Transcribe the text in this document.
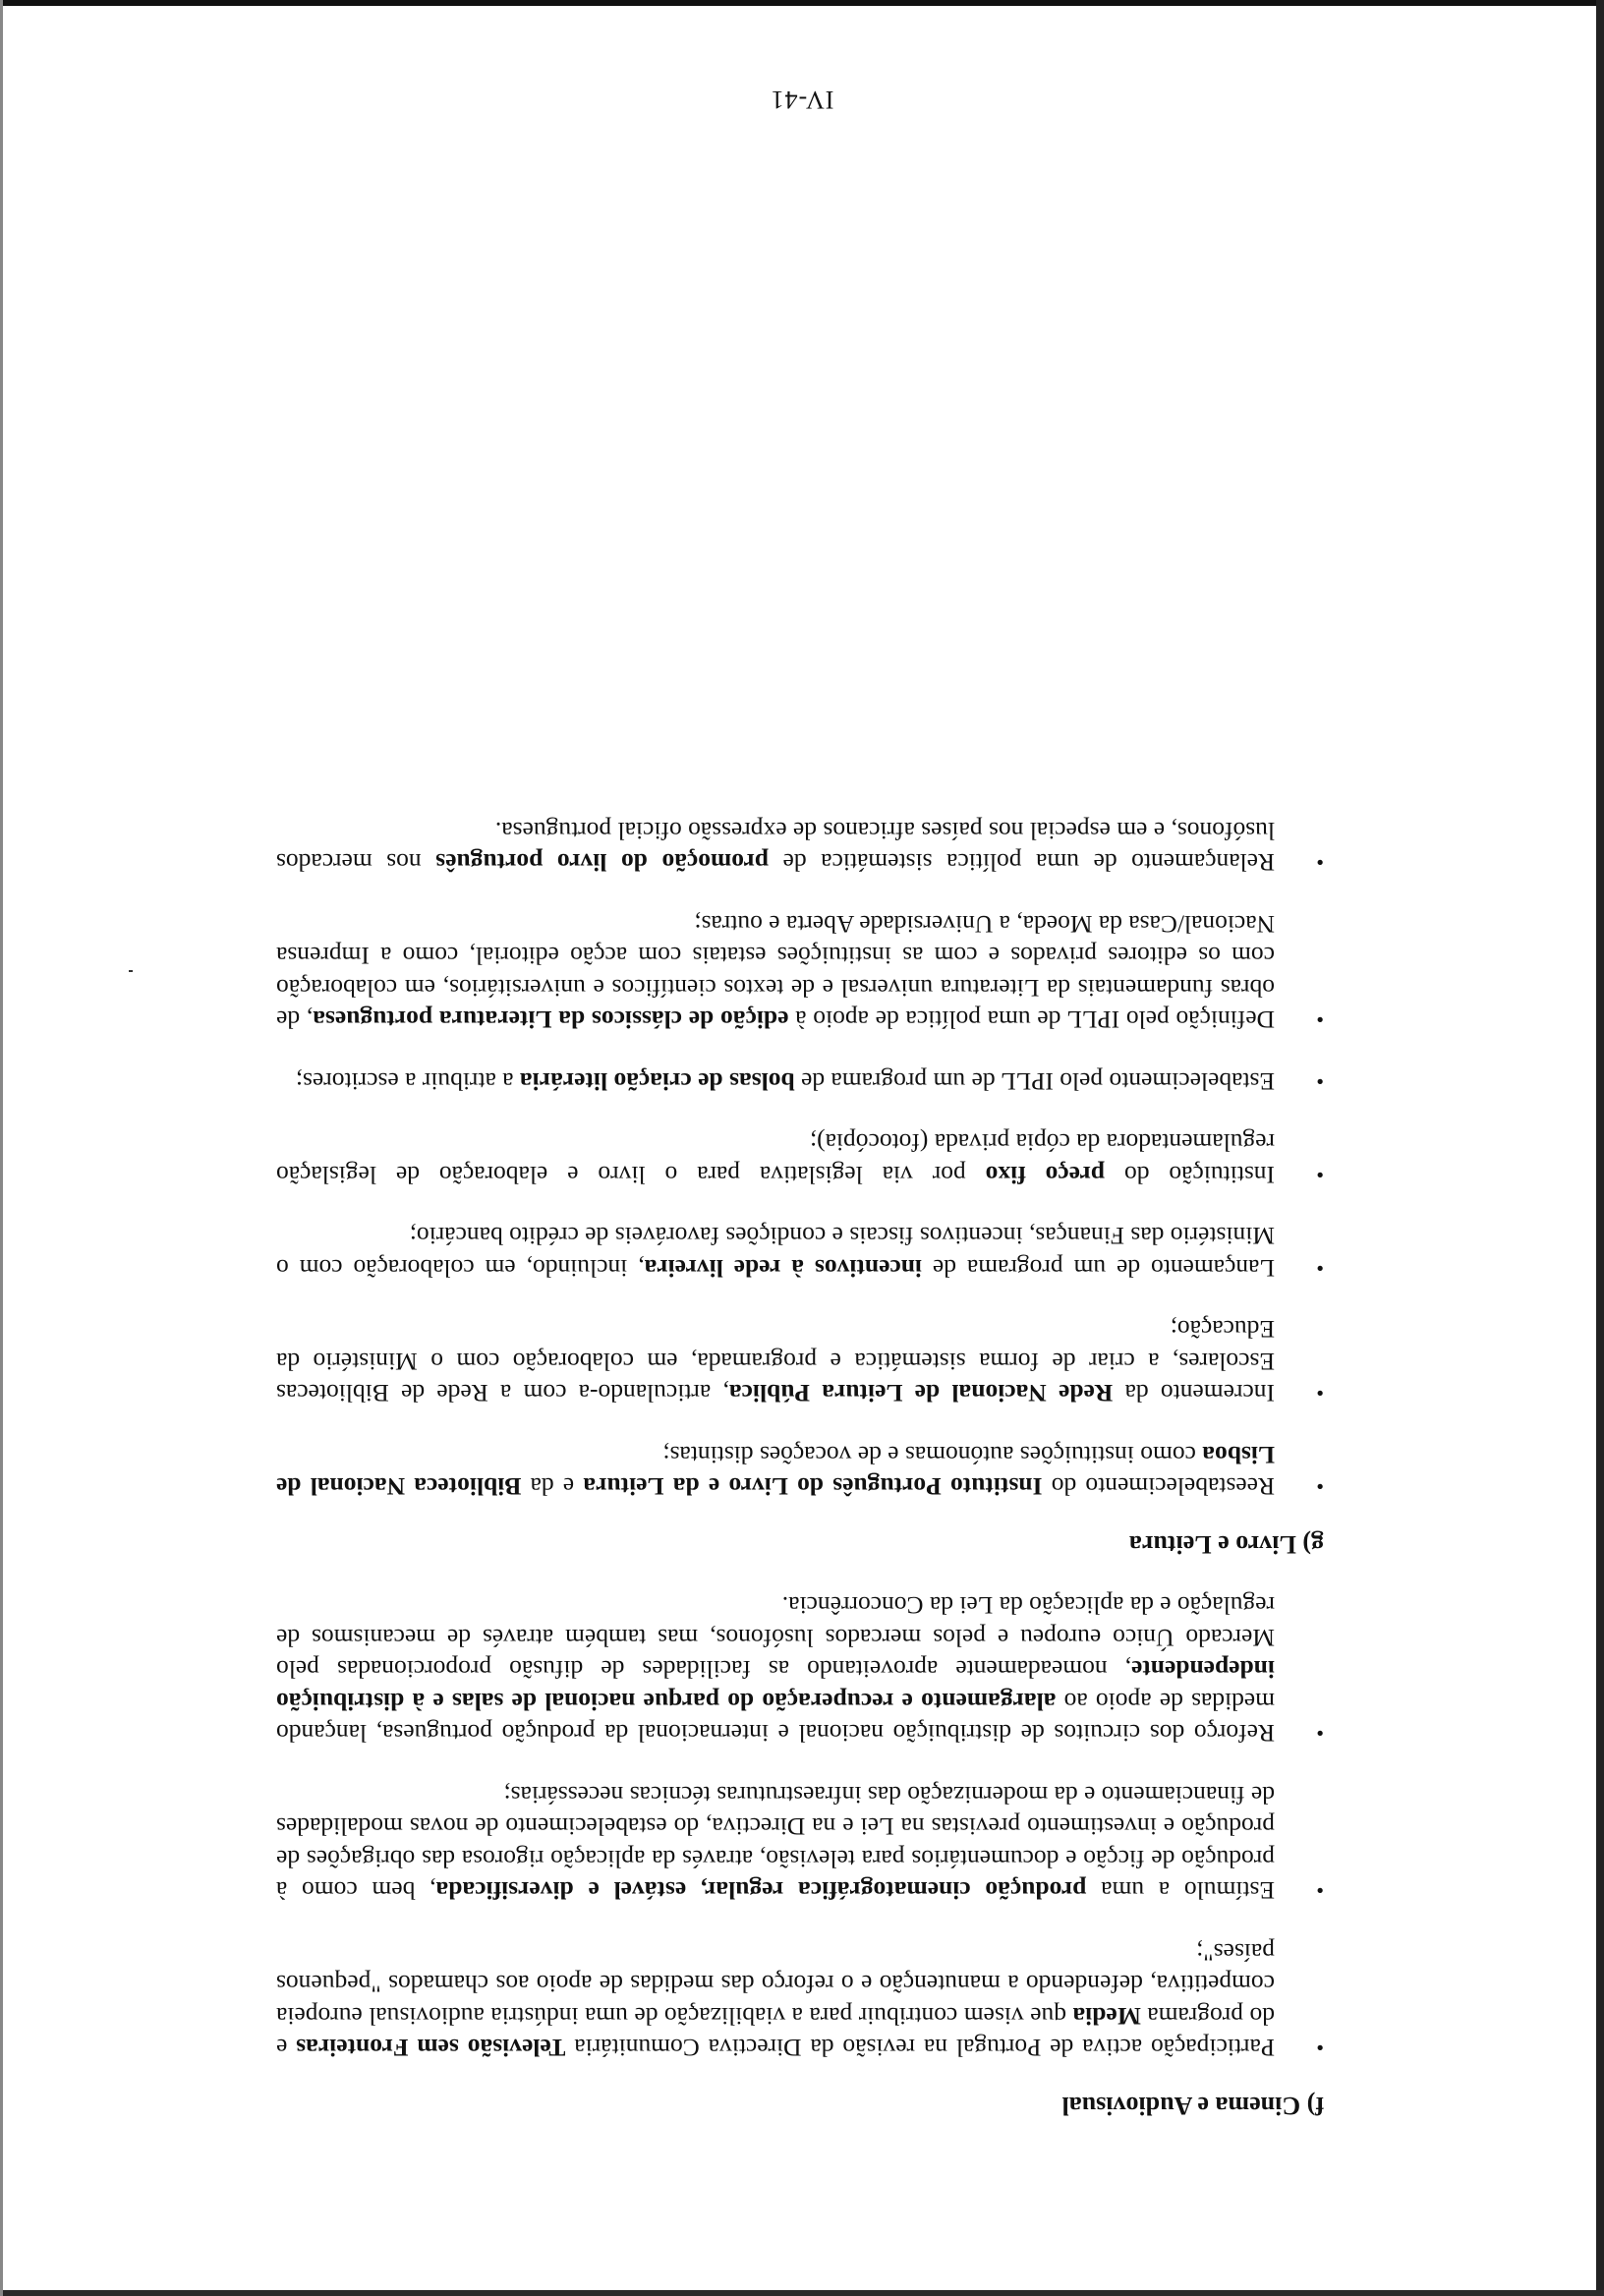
f) Cinema e Audiovisual
•
Participação activa de Portugal na revisão da Directiva Comunitária Televisão sem Fronteiras e do programa Media que visem contribuir para a viabilização de uma indústria audiovisual europeia competitiva, defendendo a manutenção e o reforço das medidas de apoio aos chamados "pequenos países";
•
Estímulo a uma produção cinematográfica regular, estável e diversificada, bem como à produção de ficção e documentários para televisão, através da aplicação rigorosa das obrigações de produção e investimento previstas na Lei e na Directiva, do estabelecimento de novas modalidades de financiamento e da modernização das infraestruturas técnicas necessárias;
•
Reforço dos circuitos de distribuição nacional e internacional da produção portuguesa, lançando medidas de apoio ao alargamento e recuperação do parque nacional de salas e à distribuição independente, nomeadamente aproveitando as facilidades de difusão proporcionadas pelo Mercado Único europeu e pelos mercados lusófonos, mas também através de mecanismos de regulação e da aplicação da Lei da Concorrência.
g) Livro e Leitura
•
Reestabelecimento do Instituto Português do Livro e da Leitura e da Biblioteca Nacional de Lisboa como instituições autónomas e de vocações distintas;
•
Incremento da Rede Nacional de Leitura Pública, articulando-a com a Rede de Bibliotecas Escolares, a criar de forma sistemática e programada, em colaboração com o Ministério da Educação;
•
Lançamento de um programa de incentivos à rede livreira, incluindo, em colaboração com o Ministério das Finanças, incentivos fiscais e condições favoráveis de crédito bancário;
•
Instituição do preço fixo por via legislativa para o livro e elaboração de legislação regulamentadora da cópia privada (fotocópia);
•
Estabelecimento pelo IPLL de um programa de bolsas de criação literária a atribuir a escritores;
•
Definição pelo IPLL de uma política de apoio à edição de clássicos da Literatura portuguesa, de obras fundamentais da Literatura universal e de textos científicos e universitários, em colaboração com os editores privados e com as instituições estatais com acção editorial, como a Imprensa Nacional/Casa da Moeda, a Universidade Aberta e outras;
•
Relançamento de uma política sistemática de promoção do livro português nos mercados lusófonos, e em especial nos países africanos de expressão oficial portuguesa.
IV-41
